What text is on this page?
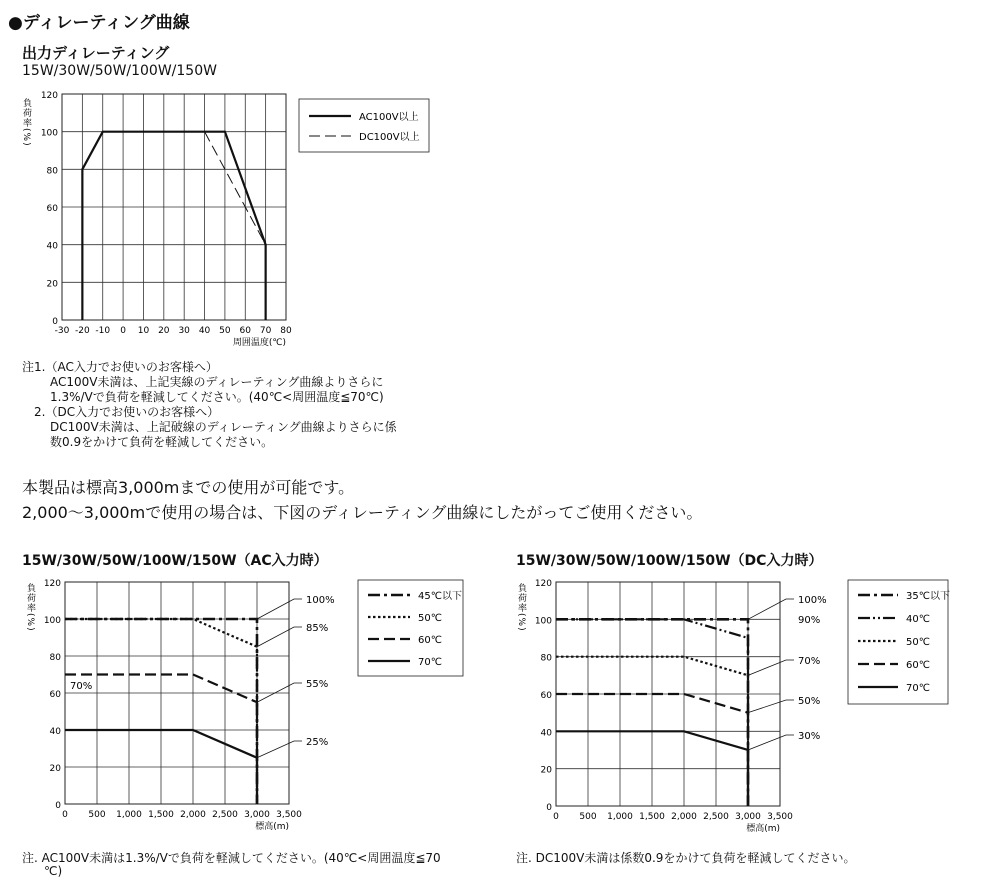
●ディレーティング曲線
出力ディレーティング
15W/30W/50W/100W/150W
-30 -20 -10 0 10 20 30 40 50 60 70 80
0
20
40
60
80
100
120
負荷率(%)
周囲温度(℃)
AC100V以上
DC100V以上
注1.（AC入力でお使いのお客様へ）
AC100V未満は、上記実線のディレーティング曲線よりさらに
1.3%/Vで負荷を軽減してください。(40℃<周囲温度≦70℃)
2.（DC入力でお使いのお客様へ）
DC100V未満は、上記破線のディレーティング曲線よりさらに係
数0.9をかけて負荷を軽減してください。
本製品は標高3,000mまでの使用が可能です。
2,000～3,000mで使用の場合は、下図のディレーティング曲線にしたがってご使用ください。
15W/30W/50W/100W/150W（AC入力時）	15W/30W/50W/100W/150W（DC入力時）
0 500 1,000 1,500 2,000 2,500 3,000 3,500
0
20
40
60
80
100
120
負荷率(%)
標高(m)
45℃以下
50℃
60℃
70℃
100%
85%
55%
25%
70%
0 500 1,000 1,500 2,000 2,500 3,000 3,500
0
20
40
60
80
100
120
負荷率(%)
標高(m)
35℃以下
40℃
50℃
60℃
70℃
100%
90%
70%
50%
30%
注. AC100V未満は1.3%/Vで負荷を軽減してください。(40℃<周囲温度≦70
℃)
注. DC100V未満は係数0.9をかけて負荷を軽減してください。
